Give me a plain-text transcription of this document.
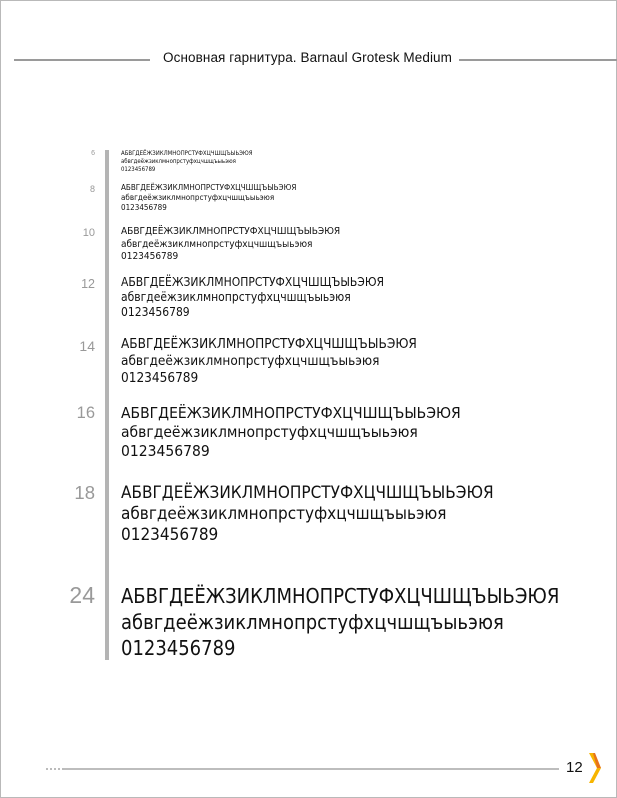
Основная гарнитура. Barnaul Grotesk Medium
6	АБВГДЕЁЖЗИКЛМНОПРСТУФХЦЧШЩЪЫЬЭЮЯ
абвгдеёжзиклмнопрстуфхцчшщъыьэюя
0123456789
8	АБВГДЕЁЖЗИКЛМНОПРСТУФХЦЧШЩЪЫЬЭЮЯ
абвгдеёжзиклмнопрстуфхцчшщъыьэюя
0123456789
10	АБВГДЕЁЖЗИКЛМНОПРСТУФХЦЧШЩЪЫЬЭЮЯ
абвгдеёжзиклмнопрстуфхцчшщъыьэюя
0123456789
12 АБВГДЕЁЖЗИКЛМНОПРСТУФХЦЧШЩЪЫЬЭЮЯ
абвгдеёжзиклмнопрстуфхцчшщъыьэюя
0123456789
14 АБВГДЕЁЖЗИКЛМНОПРСТУФХЦЧШЩЪЫЬЭЮЯ
абвгдеёжзиклмнопрстуфхцчшщъыьэюя
0123456789
16 АБВГДЕЁЖЗИКЛМНОПРСТУФХЦЧШЩЪЫЬЭЮЯ
абвгдеёжзиклмнопрстуфхцчшщъыьэюя
0123456789
18 АБВГДЕЁЖЗИКЛМНОПРСТУФХЦЧШЩЪЫЬЭЮЯ
абвгдеёжзиклмнопрстуфхцчшщъыьэюя
0123456789
24 АБВГДЕЁЖЗИКЛМНОПРСТУФХЦЧШЩЪЫЬЭЮЯ
абвгдеёжзиклмнопрстуфхцчшщъыьэюя
0123456789
12
